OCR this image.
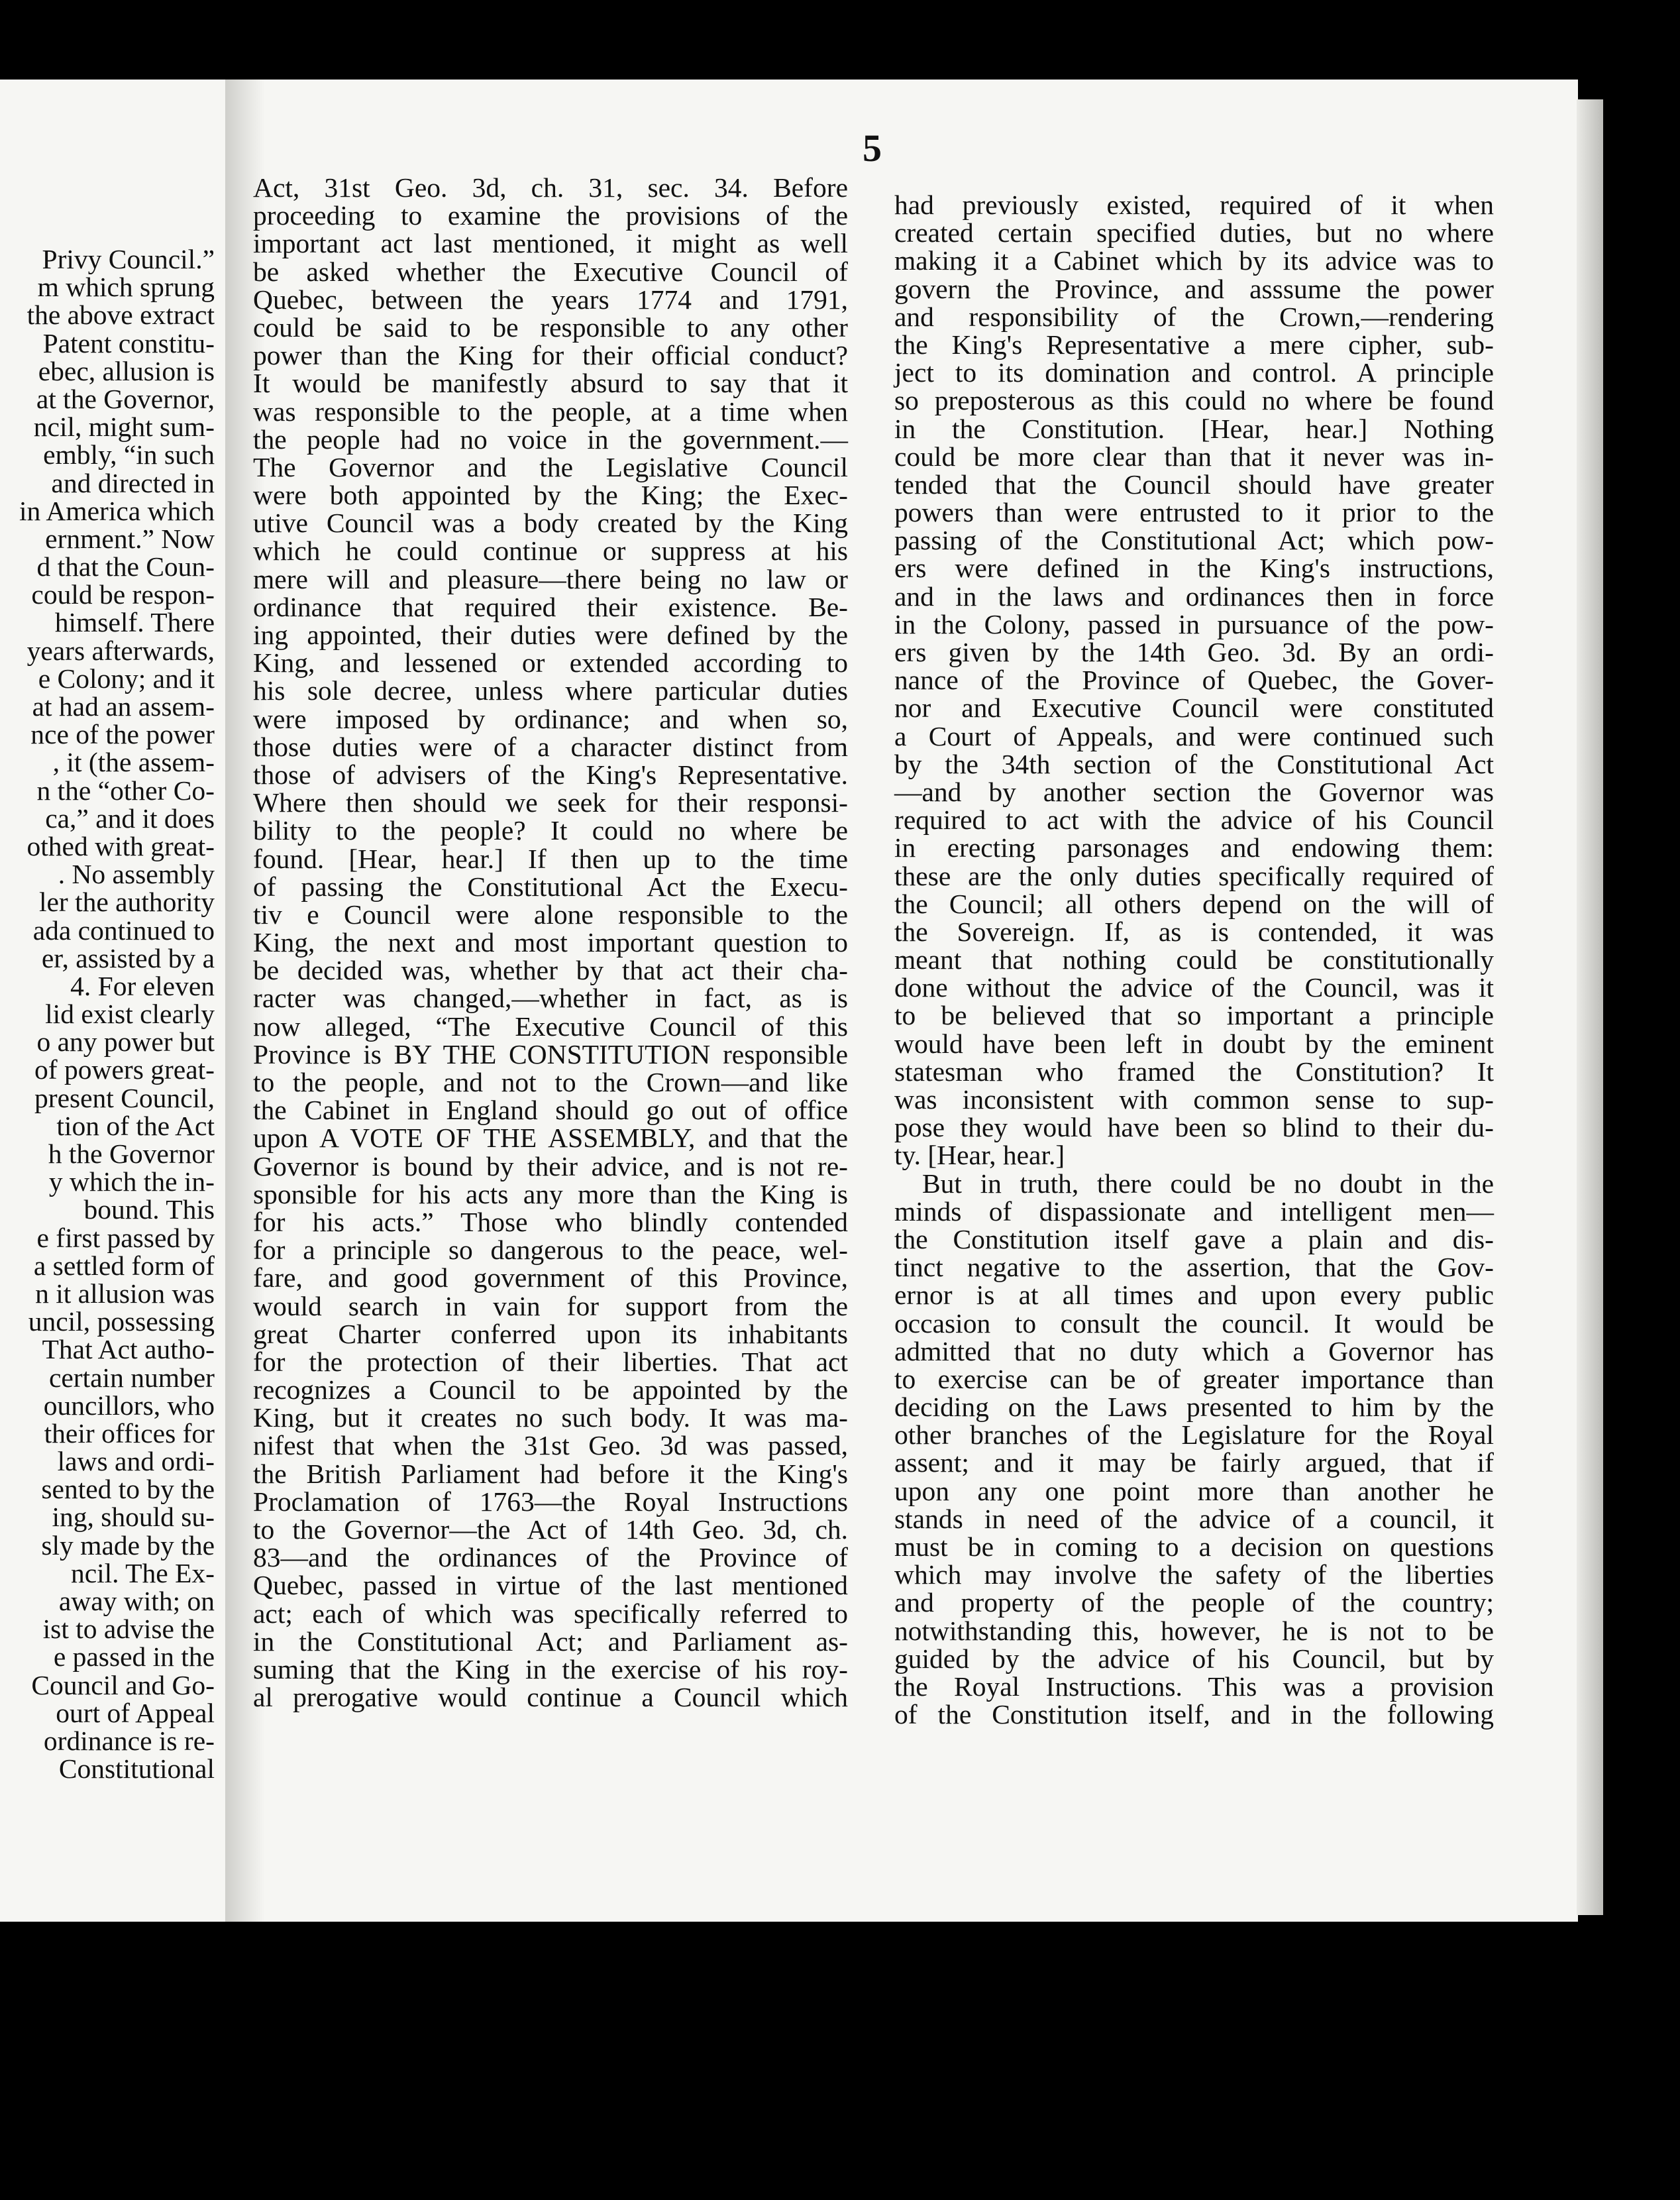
Privy Council.”
m which sprung
the above extract
Patent constitu-
ebec, allusion is
at the Governor,
ncil, might sum-
embly, “in such
and directed in
in America which
ernment.” Now
d that the Coun-
could be respon-
himself. There
years afterwards,
e Colony; and it
at had an assem-
nce of the power
, it (the assem-
n the “other Co-
ca,” and it does
othed with great-
. No assembly
ler the authority
ada continued to
er, assisted by a
4. For eleven
lid exist clearly
o any power but
of powers great-
present Council,
tion of the Act
h the Governor
y which the in-
bound. This
e first passed by
a settled form of
n it allusion was
uncil, possessing
That Act autho-
certain number
ouncillors, who
their offices for
laws and ordi-
sented to by the
ing, should su-
sly made by the
ncil. The Ex-
away with; on
ist to advise the
e passed in the
Council and Go-
ourt of Appeal
ordinance is re-
Constitutional
5
Act, 31st Geo. 3d, ch. 31, sec. 34. Before
proceeding to examine the provisions of the
important act last mentioned, it might as well
be asked whether the Executive Council of
Quebec, between the years 1774 and 1791,
could be said to be responsible to any other
power than the King for their official conduct?
It would be manifestly absurd to say that it
was responsible to the people, at a time when
the people had no voice in the government.—
The Governor and the Legislative Council
were both appointed by the King; the Exec-
utive Council was a body created by the King
which he could continue or suppress at his
mere will and pleasure—there being no law or
ordinance that required their existence. Be-
ing appointed, their duties were defined by the
King, and lessened or extended according to
his sole decree, unless where particular duties
were imposed by ordinance; and when so,
those duties were of a character distinct from
those of advisers of the King's Representative.
Where then should we seek for their responsi-
bility to the people? It could no where be
found. [Hear, hear.] If then up to the time
of passing the Constitutional Act the Execu-
tiv e Council were alone responsible to the
King, the next and most important question to
be decided was, whether by that act their cha-
racter was changed,—whether in fact, as is
now alleged, “The Executive Council of this
Province is BY THE CONSTITUTION responsible
to the people, and not to the Crown—and like
the Cabinet in England should go out of office
upon A VOTE OF THE ASSEMBLY, and that the
Governor is bound by their advice, and is not re-
sponsible for his acts any more than the King is
for his acts.” Those who blindly contended
for a principle so dangerous to the peace, wel-
fare, and good government of this Province,
would search in vain for support from the
great Charter conferred upon its inhabitants
for the protection of their liberties. That act
recognizes a Council to be appointed by the
King, but it creates no such body. It was ma-
nifest that when the 31st Geo. 3d was passed,
the British Parliament had before it the King's
Proclamation of 1763—the Royal Instructions
to the Governor—the Act of 14th Geo. 3d, ch.
83—and the ordinances of the Province of
Quebec, passed in virtue of the last mentioned
act; each of which was specifically referred to
in the Constitutional Act; and Parliament as-
suming that the King in the exercise of his roy-
al prerogative would continue a Council which
had previously existed, required of it when
created certain specified duties, but no where
making it a Cabinet which by its advice was to
govern the Province, and asssume the power
and responsibility of the Crown,—rendering
the King's Representative a mere cipher, sub-
ject to its domination and control. A principle
so preposterous as this could no where be found
in the Constitution. [Hear, hear.] Nothing
could be more clear than that it never was in-
tended that the Council should have greater
powers than were entrusted to it prior to the
passing of the Constitutional Act; which pow-
ers were defined in the King's instructions,
and in the laws and ordinances then in force
in the Colony, passed in pursuance of the pow-
ers given by the 14th Geo. 3d. By an ordi-
nance of the Province of Quebec, the Gover-
nor and Executive Council were constituted
a Court of Appeals, and were continued such
by the 34th section of the Constitutional Act
—and by another section the Governor was
required to act with the advice of his Council
in erecting parsonages and endowing them:
these are the only duties specifically required of
the Council; all others depend on the will of
the Sovereign. If, as is contended, it was
meant that nothing could be constitutionally
done without the advice of the Council, was it
to be believed that so important a principle
would have been left in doubt by the eminent
statesman who framed the Constitution? It
was inconsistent with common sense to sup-
pose they would have been so blind to their du-
ty. [Hear, hear.]
But in truth, there could be no doubt in the
minds of dispassionate and intelligent men—
the Constitution itself gave a plain and dis-
tinct negative to the assertion, that the Gov-
ernor is at all times and upon every public
occasion to consult the council. It would be
admitted that no duty which a Governor has
to exercise can be of greater importance than
deciding on the Laws presented to him by the
other branches of the Legislature for the Royal
assent; and it may be fairly argued, that if
upon any one point more than another he
stands in need of the advice of a council, it
must be in coming to a decision on questions
which may involve the safety of the liberties
and property of the people of the country;
notwithstanding this, however, he is not to be
guided by the advice of his Council, but by
the Royal Instructions. This was a provision
of the Constitution itself, and in the following
